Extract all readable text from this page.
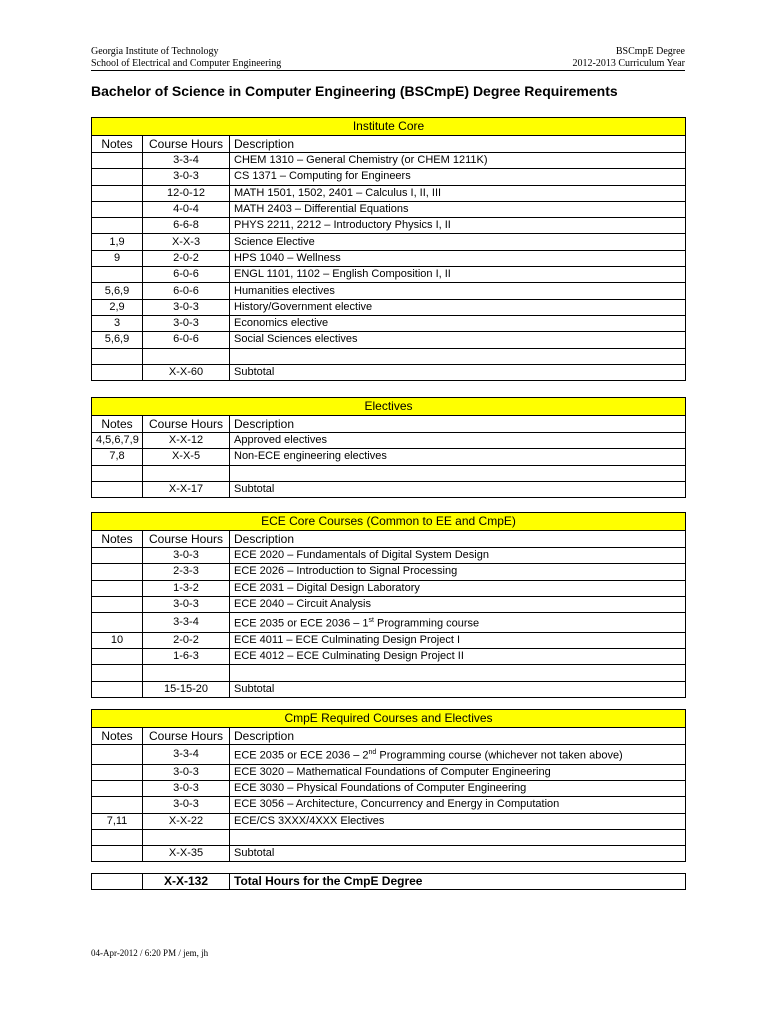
Georgia Institute of Technology
School of Electrical and Computer Engineering
BSCmpE Degree
2012-2013 Curriculum Year
Bachelor of Science in Computer Engineering (BSCmpE) Degree Requirements
Institute Core		
Notes	Course Hours	Description
	3-3-4	CHEM 1310 – General Chemistry (or CHEM 1211K)
	3-0-3	CS 1371 – Computing for Engineers
	12-0-12	MATH 1501, 1502, 2401 – Calculus I, II, III
	4-0-4	MATH 2403 – Differential Equations
	6-6-8	PHYS 2211, 2212 – Introductory Physics I, II
1,9	X-X-3	Science Elective
9	2-0-2	HPS 1040 – Wellness
	6-0-6	ENGL 1101, 1102 – English Composition I, II
5,6,9	6-0-6	Humanities electives
2,9	3-0-3	History/Government elective
3	3-0-3	Economics elective
5,6,9	6-0-6	Social Sciences electives

	X-X-60	Subtotal
Electives		
Notes	Course Hours	Description
4,5,6,7,9	X-X-12	Approved electives
7,8	X-X-5	Non-ECE engineering electives

	X-X-17	Subtotal
ECE Core Courses (Common to EE and CmpE)		
Notes	Course Hours	Description
	3-0-3	ECE 2020 – Fundamentals of Digital System Design
	2-3-3	ECE 2026 – Introduction to Signal Processing
	1-3-2	ECE 2031 – Digital Design Laboratory
	3-0-3	ECE 2040 – Circuit Analysis
	3-3-4	ECE 2035 or ECE 2036 – 1st Programming course
10	2-0-2	ECE 4011 – ECE Culminating Design Project I
	1-6-3	ECE 4012 – ECE Culminating Design Project II

	15-15-20	Subtotal
CmpE Required Courses and Electives		
Notes	Course Hours	Description
	3-3-4	ECE 2035 or ECE 2036 – 2nd Programming course (whichever not taken above)
	3-0-3	ECE 3020 – Mathematical Foundations of Computer Engineering
	3-0-3	ECE 3030 – Physical Foundations of Computer Engineering
	3-0-3	ECE 3056 – Architecture, Concurrency and Energy in Computation
7,11	X-X-22	ECE/CS 3XXX/4XXX Electives

	X-X-35	Subtotal
	X-X-132	Total Hours for the CmpE Degree
04-Apr-2012 / 6:20 PM / jem, jh
